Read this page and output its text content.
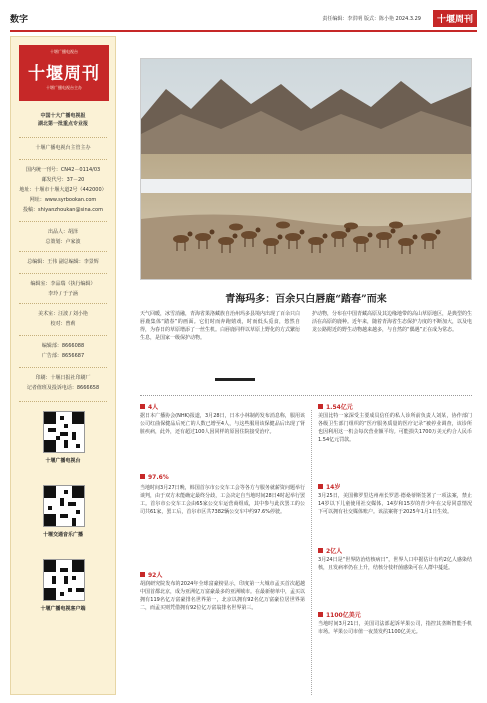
数字	责任编辑：李洪明 版式：陈小艳 2024.3.29	十堰周刊
十堰广播电视台
十堰周刊
十堰广播电视台主办
中国十大广播电视报
湖北第一批重点专业报
十堰广播电视台主管主办
国内统一刊号：CN42－0114/03
邮发代号：37－20
地址：十堰市十堰大道2号（442000）
网址：www.syrbookan.com
投稿：shiyanzhoukan@sina.com
出品人：胡泽
总策划：卢家波
总编辑：王伟 副总编辑：李景辉
编辑室：李品瑞（执行编辑）
李玲 / 于子涵
美术室：汪波 / 刘小艳
校对：曾莉
编辑部：8666088
广告部：8656687
印刷：十堰日报社印刷厂
记者值班及投诉电话：8666658
十堰广播电视台
十堰交通音乐广播
十堰广播电视客户端
青海玛多：百余只白唇鹿“踏春”而来
天气回暖，冰雪消融，青海省果洛藏族自治州玛多县境内出现了百余只白唇鹿集体“踏春”的画面。它们时而奔跑嬉戏，时而低头觅食，悠然自得，为春日的草原增添了一丝生机。白唇鹿同样以草原上野化的方式繁衍生息，是国家一级保护动物。
护动物，分布在中国青藏高原及其边缘地带的高山草原地区，是典型的生活在高原的鹿种。近年来，随着青海省生态保护力度的不断加大，以及电龙公路附近的野生动物越来越多，与自然的“偶遇”正在成为常态。
4人
据日本广播协会(NHK)报道，3月28日，日本小林制药发布消息称，服用该公司红曲保健品后死亡的人数已增至4人，与这些服用该保健品后出现了肾脏疾病，此外，还有超过100人因同样的原因住院接受治疗。
97.6%
当地时间3月27日晚，韩国首尔市公交车工会等各方与服务就薪资问题举行谈判，由于双方未能确定最终分歧，工会决定自当地时间28日4时起举行罢工。首尔市公交车工会由65家公交车运营商组成，其中参与此次罢工的公司共61家，罢工后，首尔市区共7382辆公交车中约97.6%停驶。
92人
胡润研究院发布的2024年全球富豪榜显示，印度第一大城市孟买首次超越中国首都北京，成为亚洲亿万富豪最多的亚洲城市。在最新榜单中，孟买以拥有119名亿万富豪排名世界第一，北京以拥有92名亿万富豪位居世界第二，而孟买则凭借拥有92位亿万富翁排名世界第三。
1.54亿元
美国比特一家深受主要成员信任的私人诊所前负责人刘某，协作部门各级卫生部门组织的“医疗服务质量的医疗记录”被停业调查，该诊所也因利用这一机会每次营业额平均。可能损失1700万美元约合人民币1.54亿元罚款。
14岁
3月25日，美国佛罗里达州州长罗恩·德桑蒂斯签署了一项法案，禁止14岁以下儿童使用社交媒体，14岁和15岁的青少年在父母同意情况下可以拥有社交媒体账户。该法案将于2025年1月1日生效。
2亿人
3月24日是“世界防治结核病日”，世界人口中据估计有约2亿人感染结核，且发病率仍在上升，结核分枝杆菌感染可在人群中蔓延。
1100亿美元
当地时间3月21日，美国司法部起诉苹果公司，指控其垄断智能手机市场。苹果公司市值一夜蒸发约1100亿美元。
